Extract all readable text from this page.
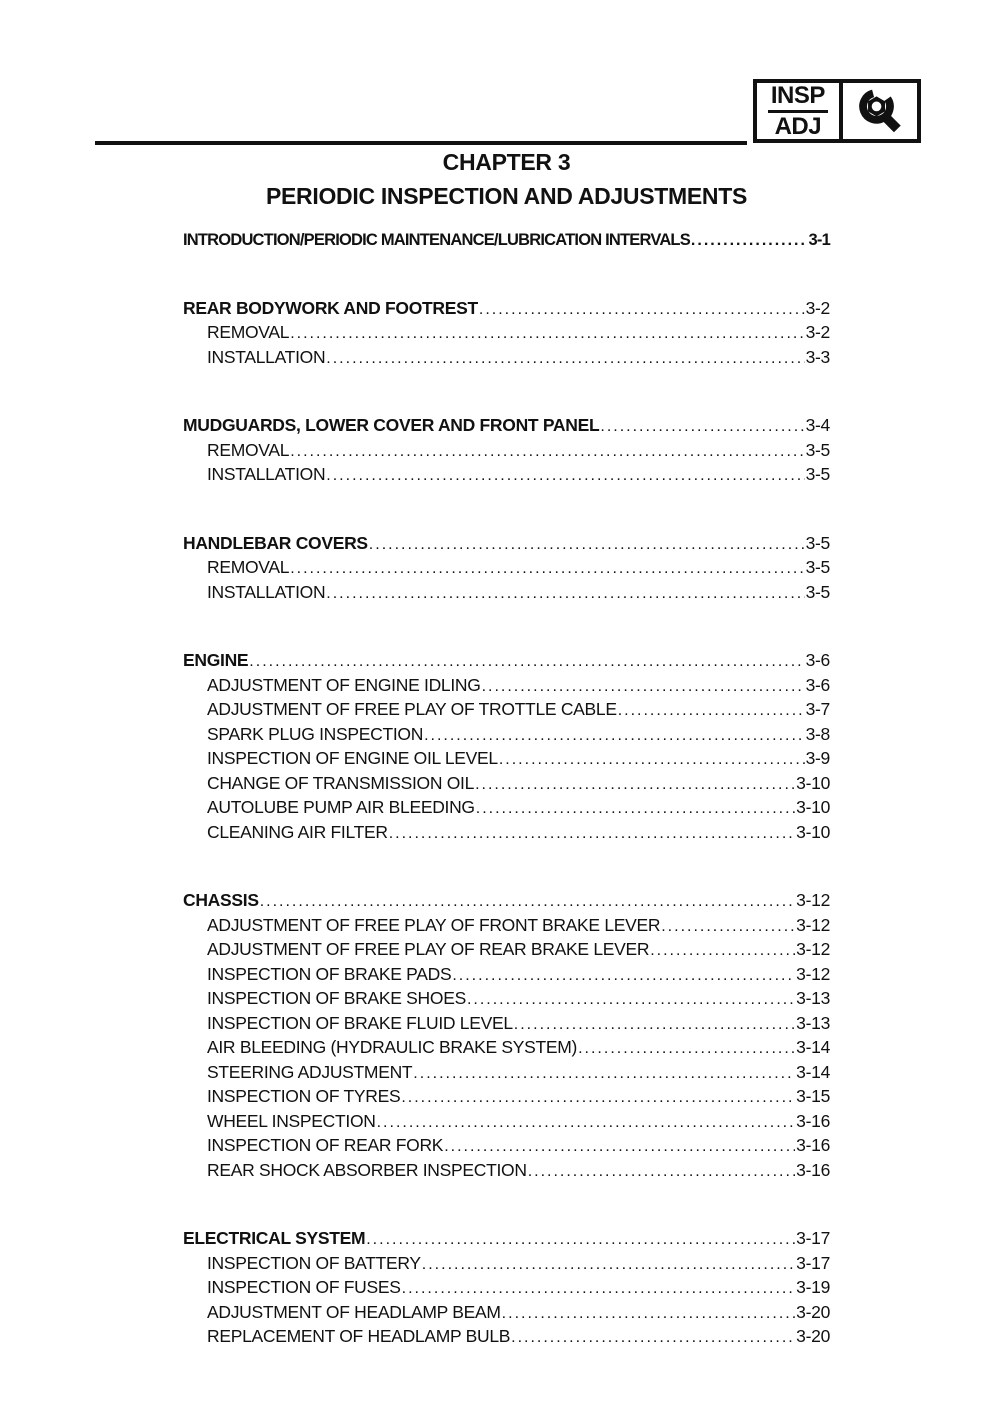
INSP
ADJ

CHAPTER 3

PERIODIC INSPECTION AND ADJUSTMENTS

INTRODUCTION/PERIODIC MAINTENANCE/LUBRICATION INTERVALS .....	3-1
REAR BODYWORK AND FOOTREST .....	3-2
REMOVAL .....	3-2
INSTALLATION .....	3-3
MUDGUARDS, LOWER COVER AND FRONT PANEL .....	3-4
REMOVAL .....	3-5
INSTALLATION .....	3-5
HANDLEBAR COVERS .....	3-5
REMOVAL .....	3-5
INSTALLATION .....	3-5
ENGINE .....	3-6
ADJUSTMENT OF ENGINE IDLING .....	3-6
ADJUSTMENT OF FREE PLAY OF TROTTLE CABLE .....	3-7
SPARK PLUG INSPECTION .....	3-8
INSPECTION OF ENGINE OIL LEVEL .....	3-9
CHANGE OF TRANSMISSION OIL .....	3-10
AUTOLUBE PUMP AIR BLEEDING .....	3-10
CLEANING AIR FILTER .....	3-10
CHASSIS .....	3-12
ADJUSTMENT OF FREE PLAY OF FRONT BRAKE LEVER .....	3-12
ADJUSTMENT OF FREE PLAY OF REAR BRAKE LEVER .....	3-12
INSPECTION OF BRAKE PADS .....	3-12
INSPECTION OF BRAKE SHOES .....	3-13
INSPECTION OF BRAKE FLUID LEVEL .....	3-13
AIR BLEEDING (HYDRAULIC BRAKE SYSTEM) .....	3-14
STEERING ADJUSTMENT .....	3-14
INSPECTION OF TYRES .....	3-15
WHEEL INSPECTION .....	3-16
INSPECTION OF REAR FORK .....	3-16
REAR SHOCK ABSORBER INSPECTION .....	3-16
ELECTRICAL SYSTEM .....	3-17
INSPECTION OF BATTERY .....	3-17
INSPECTION OF FUSES .....	3-19
ADJUSTMENT OF HEADLAMP BEAM .....	3-20
REPLACEMENT OF HEADLAMP BULB .....	3-20
